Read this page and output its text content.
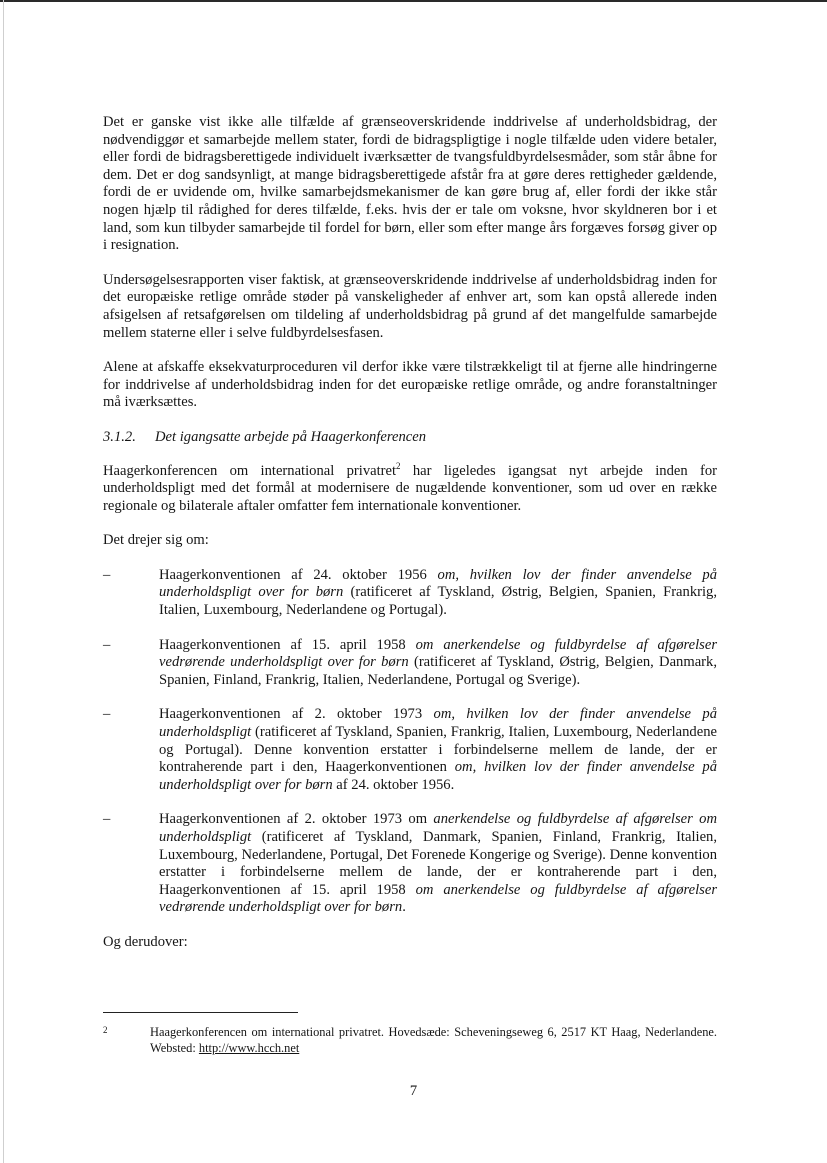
Det er ganske vist ikke alle tilfælde af grænseoverskridende inddrivelse af underholdsbidrag, der nødvendiggør et samarbejde mellem stater, fordi de bidragspligtige i nogle tilfælde uden videre betaler, eller fordi de bidragsberettigede individuelt iværksætter de tvangsfuldbyrdelsesmåder, som står åbne for dem. Det er dog sandsynligt, at mange bidragsberettigede afstår fra at gøre deres rettigheder gældende, fordi de er uvidende om, hvilke samarbejdsmekanismer de kan gøre brug af, eller fordi der ikke står nogen hjælp til rådighed for deres tilfælde, f.eks. hvis der er tale om voksne, hvor skyldneren bor i et land, som kun tilbyder samarbejde til fordel for børn, eller som efter mange års forgæves forsøg giver op i resignation.

Undersøgelsesrapporten viser faktisk, at grænseoverskridende inddrivelse af underholdsbidrag inden for det europæiske retlige område støder på vanskeligheder af enhver art, som kan opstå allerede inden afsigelsen af retsafgørelsen om tildeling af underholdsbidrag på grund af det mangelfulde samarbejde mellem staterne eller i selve fuldbyrdelsesfasen.

Alene at afskaffe eksekvaturproceduren vil derfor ikke være tilstrækkeligt til at fjerne alle hindringerne for inddrivelse af underholdsbidrag inden for det europæiske retlige område, og andre foranstaltninger må iværksættes.

3.1.2. Det igangsatte arbejde på Haagerkonferencen

Haagerkonferencen om international privatret$^2$ har ligeledes igangsat nyt arbejde inden for underholdspligt med det formål at modernisere de nugældende konventioner, som ud over en række regionale og bilaterale aftaler omfatter fem internationale konventioner.

Det drejer sig om:

–	Haagerkonventionen af 24. oktober 1956 om, hvilken lov der finder anvendelse på underholdspligt over for børn (ratificeret af Tyskland, Østrig, Belgien, Spanien, Frankrig, Italien, Luxembourg, Nederlandene og Portugal).
–	Haagerkonventionen af 15. april 1958 om anerkendelse og fuldbyrdelse af afgørelser vedrørende underholdspligt over for børn (ratificeret af Tyskland, Østrig, Belgien, Danmark, Spanien, Finland, Frankrig, Italien, Nederlandene, Portugal og Sverige).
–	Haagerkonventionen af 2. oktober 1973 om, hvilken lov der finder anvendelse på underholdspligt (ratificeret af Tyskland, Spanien, Frankrig, Italien, Luxembourg, Nederlandene og Portugal). Denne konvention erstatter i forbindelserne mellem de lande, der er kontraherende part i den, Haagerkonventionen om, hvilken lov der finder anvendelse på underholdspligt over for børn af 24. oktober 1956.
–	Haagerkonventionen af 2. oktober 1973 om anerkendelse og fuldbyrdelse af afgørelser om underholdspligt (ratificeret af Tyskland, Danmark, Spanien, Finland, Frankrig, Italien, Luxembourg, Nederlandene, Portugal, Det Forenede Kongerige og Sverige). Denne konvention erstatter i forbindelserne mellem de lande, der er kontraherende part i den, Haagerkonventionen af 15. april 1958 om anerkendelse og fuldbyrdelse af afgørelser vedrørende underholdspligt over for børn.

Og derudover:

2	Haagerkonferencen om international privatret. Hovedsæde: Scheveningseweg 6, 2517 KT Haag, Nederlandene. Websted: http://www.hcch.net
7
